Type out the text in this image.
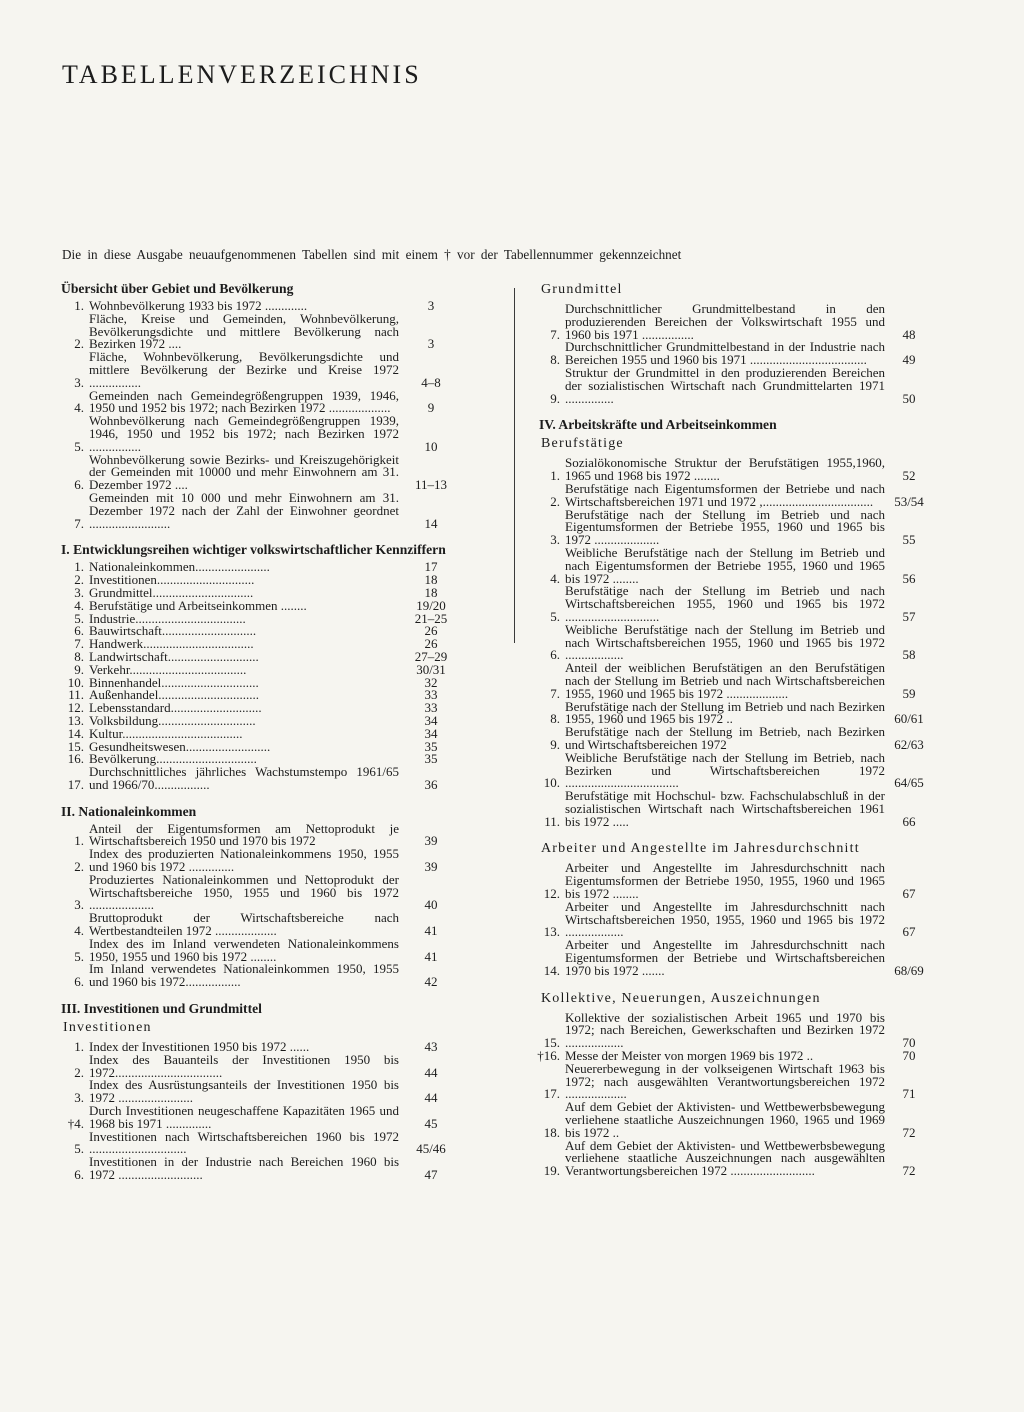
TABELLENVERZEICHNIS

Die in diese Ausgabe neuaufgenommenen Tabellen sind mit einem † vor der Tabellennummer gekennzeichnet

Übersicht über Gebiet und Bevölkerung
1. Wohnbevölkerung 1933 bis 1972 .............	3
2.
Fläche, Kreise und Gemeinden, Wohnbevölkerung, Bevölkerungsdichte und mittlere Bevölkerung nach Bezirken 1972 ....	3
3.
Fläche, Wohnbevölkerung, Bevölkerungsdichte und mittlere Bevölkerung der Bezirke und Kreise 1972 ................	4–8
4.
Gemeinden nach Gemeindegrößengruppen 1939, 1946, 1950 und 1952 bis 1972; nach Bezirken 1972 ...................	9
5.
Wohnbevölkerung nach Gemeindegrößengruppen 1939, 1946, 1950 und 1952 bis 1972; nach Bezirken 1972 ................	10
6.
Wohnbevölkerung sowie Bezirks- und Kreiszugehörigkeit der Gemeinden mit 10000 und mehr Einwohnern am 31. Dezember 1972 ....	11–13
7.
Gemeinden mit 10 000 und mehr Einwohnern am 31. Dezember 1972 nach der Zahl der Einwohner geordnet .........................	14
I. Entwicklungsreihen wichtiger volkswirtschaftlicher Kennziffern
1. Nationaleinkommen.......................	17
2. Investitionen..............................	18
3. Grundmittel...............................	18
4. Berufstätige und Arbeitseinkommen ........	19/20
5. Industrie..................................	21–25
6. Bauwirtschaft.............................	26
7. Handwerk..................................	26
8. Landwirtschaft............................	27–29
9. Verkehr....................................	30/31
10. Binnenhandel..............................	32
11. Außenhandel...............................	33
12. Lebensstandard............................	33
13. Volksbildung..............................	34
14. Kultur.....................................	34
15. Gesundheitswesen..........................	35
16. Bevölkerung...............................	35
17.
Durchschnittliches jährliches Wachstumstempo 1961/65 und 1966/70.................	36
II. Nationaleinkommen
1.
Anteil der Eigentumsformen am Nettoprodukt je Wirtschaftsbereich 1950 und 1970 bis 1972	39
2.
Index des produzierten Nationaleinkommens 1950, 1955 und 1960 bis 1972 ..............	39
3.
Produziertes Nationaleinkommen und Nettoprodukt der Wirtschaftsbereiche 1950, 1955 und 1960 bis 1972 ....................	40
4.
Bruttoprodukt der Wirtschaftsbereiche nach Wertbestandteilen 1972 ...................	41
5.
Index des im Inland verwendeten Nationaleinkommens 1950, 1955 und 1960 bis 1972 ........	41
6.
Im Inland verwendetes Nationaleinkommen 1950, 1955 und 1960 bis 1972.................	42
III. Investitionen und Grundmittel
Investitionen
1. Index der Investitionen 1950 bis 1972 ......	43
2.
Index des Bauanteils der Investitionen 1950 bis 1972.................................	44
3.
Index des Ausrüstungsanteils der Investitionen 1950 bis 1972 .......................	44
†4.
Durch Investitionen neugeschaffene Kapazitäten 1965 und 1968 bis 1971 ..............	45
5.
Investitionen nach Wirtschaftsbereichen 1960 bis 1972 ..............................	45/46
6.
Investitionen in der Industrie nach Bereichen 1960 bis 1972 ..........................	47
Grundmittel
7.
Durchschnittlicher Grundmittelbestand in den produzierenden Bereichen der Volkswirtschaft 1955 und 1960 bis 1971 ................	48
8.
Durchschnittlicher Grundmittelbestand in der Industrie nach Bereichen 1955 und 1960 bis 1971 ....................................	49
9.
Struktur der Grundmittel in den produzierenden Bereichen der sozialistischen Wirtschaft nach Grundmittelarten 1971 ...............	50
IV. Arbeitskräfte und Arbeitseinkommen
Berufstätige
1.
Sozialökonomische Struktur der Berufstätigen 1955,1960, 1965 und 1968 bis 1972 ........	52
2.
Berufstätige nach Eigentumsformen der Betriebe und nach Wirtschaftsbereichen 1971 und 1972 ,..................................	53/54
3.
Berufstätige nach der Stellung im Betrieb und nach Eigentumsformen der Betriebe 1955, 1960 und 1965 bis 1972 ....................	55
4.
Weibliche Berufstätige nach der Stellung im Betrieb und nach Eigentumsformen der Betriebe 1955, 1960 und 1965 bis 1972 ........	56
5.
Berufstätige nach der Stellung im Betrieb und nach Wirtschaftsbereichen 1955, 1960 und 1965 bis 1972 .............................	57
6.
Weibliche Berufstätige nach der Stellung im Betrieb und nach Wirtschaftsbereichen 1955, 1960 und 1965 bis 1972 ..................	58
7.
Anteil der weiblichen Berufstätigen an den Berufstätigen nach der Stellung im Betrieb und nach Wirtschaftsbereichen 1955, 1960 und 1965 bis 1972 ...................	59
8.
Berufstätige nach der Stellung im Betrieb und nach Bezirken 1955, 1960 und 1965 bis 1972 ..	60/61
9.
Berufstätige nach der Stellung im Betrieb, nach Bezirken und Wirtschaftsbereichen 1972	62/63
10.
Weibliche Berufstätige nach der Stellung im Betrieb, nach Bezirken und Wirtschaftsbereichen 1972 ...................................	64/65
11.
Berufstätige mit Hochschul- bzw. Fachschulabschluß in der sozialistischen Wirtschaft nach Wirtschaftsbereichen 1961 bis 1972 .....	66
Arbeiter und Angestellte im Jahresdurchschnitt
12.
Arbeiter und Angestellte im Jahresdurchschnitt nach Eigentumsformen der Betriebe 1950, 1955, 1960 und 1965 bis 1972 ........	67
13.
Arbeiter und Angestellte im Jahresdurchschnitt nach Wirtschaftsbereichen 1950, 1955, 1960 und 1965 bis 1972 ..................	67
14.
Arbeiter und Angestellte im Jahresdurchschnitt nach Eigentumsformen der Betriebe und Wirtschaftsbereichen 1970 bis 1972 .......	68/69
Kollektive, Neuerungen, Auszeichnungen
15.
Kollektive der sozialistischen Arbeit 1965 und 1970 bis 1972; nach Bereichen, Gewerkschaften und Bezirken 1972 ..................	70
†16. Messe der Meister von morgen 1969 bis 1972 ..	70
17.
Neuererbewegung in der volkseigenen Wirtschaft 1963 bis 1972; nach ausgewählten Verantwortungsbereichen 1972 ...................	71
18.
Auf dem Gebiet der Aktivisten- und Wettbewerbsbewegung verliehene staatliche Auszeichnungen 1960, 1965 und 1969 bis 1972 ..	72
19.
Auf dem Gebiet der Aktivisten- und Wettbewerbsbewegung verliehene staatliche Auszeichnungen nach ausgewählten Verantwortungsbereichen 1972 ..........................	72
